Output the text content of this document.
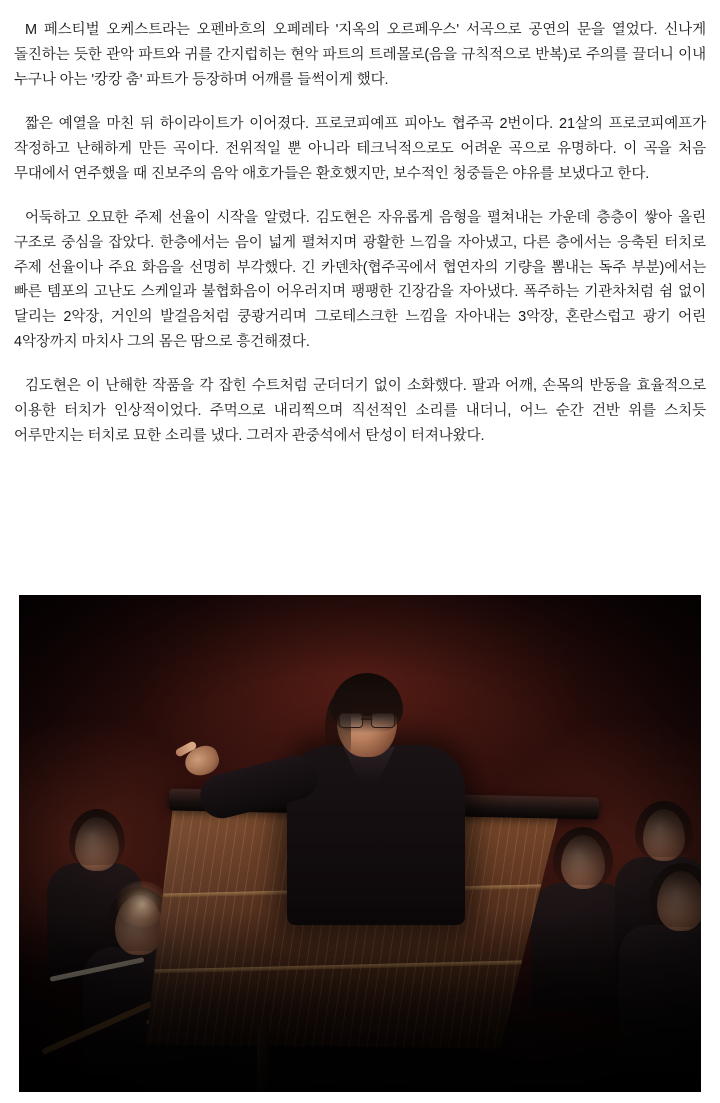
M 페스티벌 오케스트라는 오펜바흐의 오페레타 '지옥의 오르페우스' 서곡으로 공연의 문을 열었다. 신나게 돌진하는 듯한 관악 파트와 귀를 간지럽히는 현악 파트의 트레몰로(음을 규칙적으로 반복)로 주의를 끌더니 이내 누구나 아는 '캉캉 춤' 파트가 등장하며 어깨를 들썩이게 했다.

짧은 예열을 마친 뒤 하이라이트가 이어졌다. 프로코피예프 피아노 협주곡 2번이다. 21살의 프로코피예프가 작정하고 난해하게 만든 곡이다. 전위적일 뿐 아니라 테크닉적으로도 어려운 곡으로 유명하다. 이 곡을 처음 무대에서 연주했을 때 진보주의 음악 애호가들은 환호했지만, 보수적인 청중들은 야유를 보냈다고 한다.

어둑하고 오묘한 주제 선율이 시작을 알렸다. 김도현은 자유롭게 음형을 펼쳐내는 가운데 층층이 쌓아 올린 구조로 중심을 잡았다. 한층에서는 음이 넓게 펼쳐지며 광활한 느낌을 자아냈고, 다른 층에서는 응축된 터치로 주제 선율이나 주요 화음을 선명히 부각했다. 긴 카덴차(협주곡에서 협연자의 기량을 뽐내는 독주 부분)에서는 빠른 템포의 고난도 스케일과 불협화음이 어우러지며 팽팽한 긴장감을 자아냈다. 폭주하는 기관차처럼 쉼 없이 달리는 2악장, 거인의 발걸음처럼 쿵쾅거리며 그로테스크한 느낌을 자아내는 3악장, 혼란스럽고 광기 어린 4악장까지 마치사 그의 몸은 땀으로 흥건해졌다.

김도현은 이 난해한 작품을 각 잡힌 수트처럼 군더더기 없이 소화했다. 팔과 어깨, 손목의 반동을 효율적으로 이용한 터치가 인상적이었다. 주먹으로 내리찍으며 직선적인 소리를 내더니, 어느 순간 건반 위를 스치듯 어루만지는 터치로 묘한 소리를 냈다. 그러자 관중석에서 탄성이 터져나왔다.
